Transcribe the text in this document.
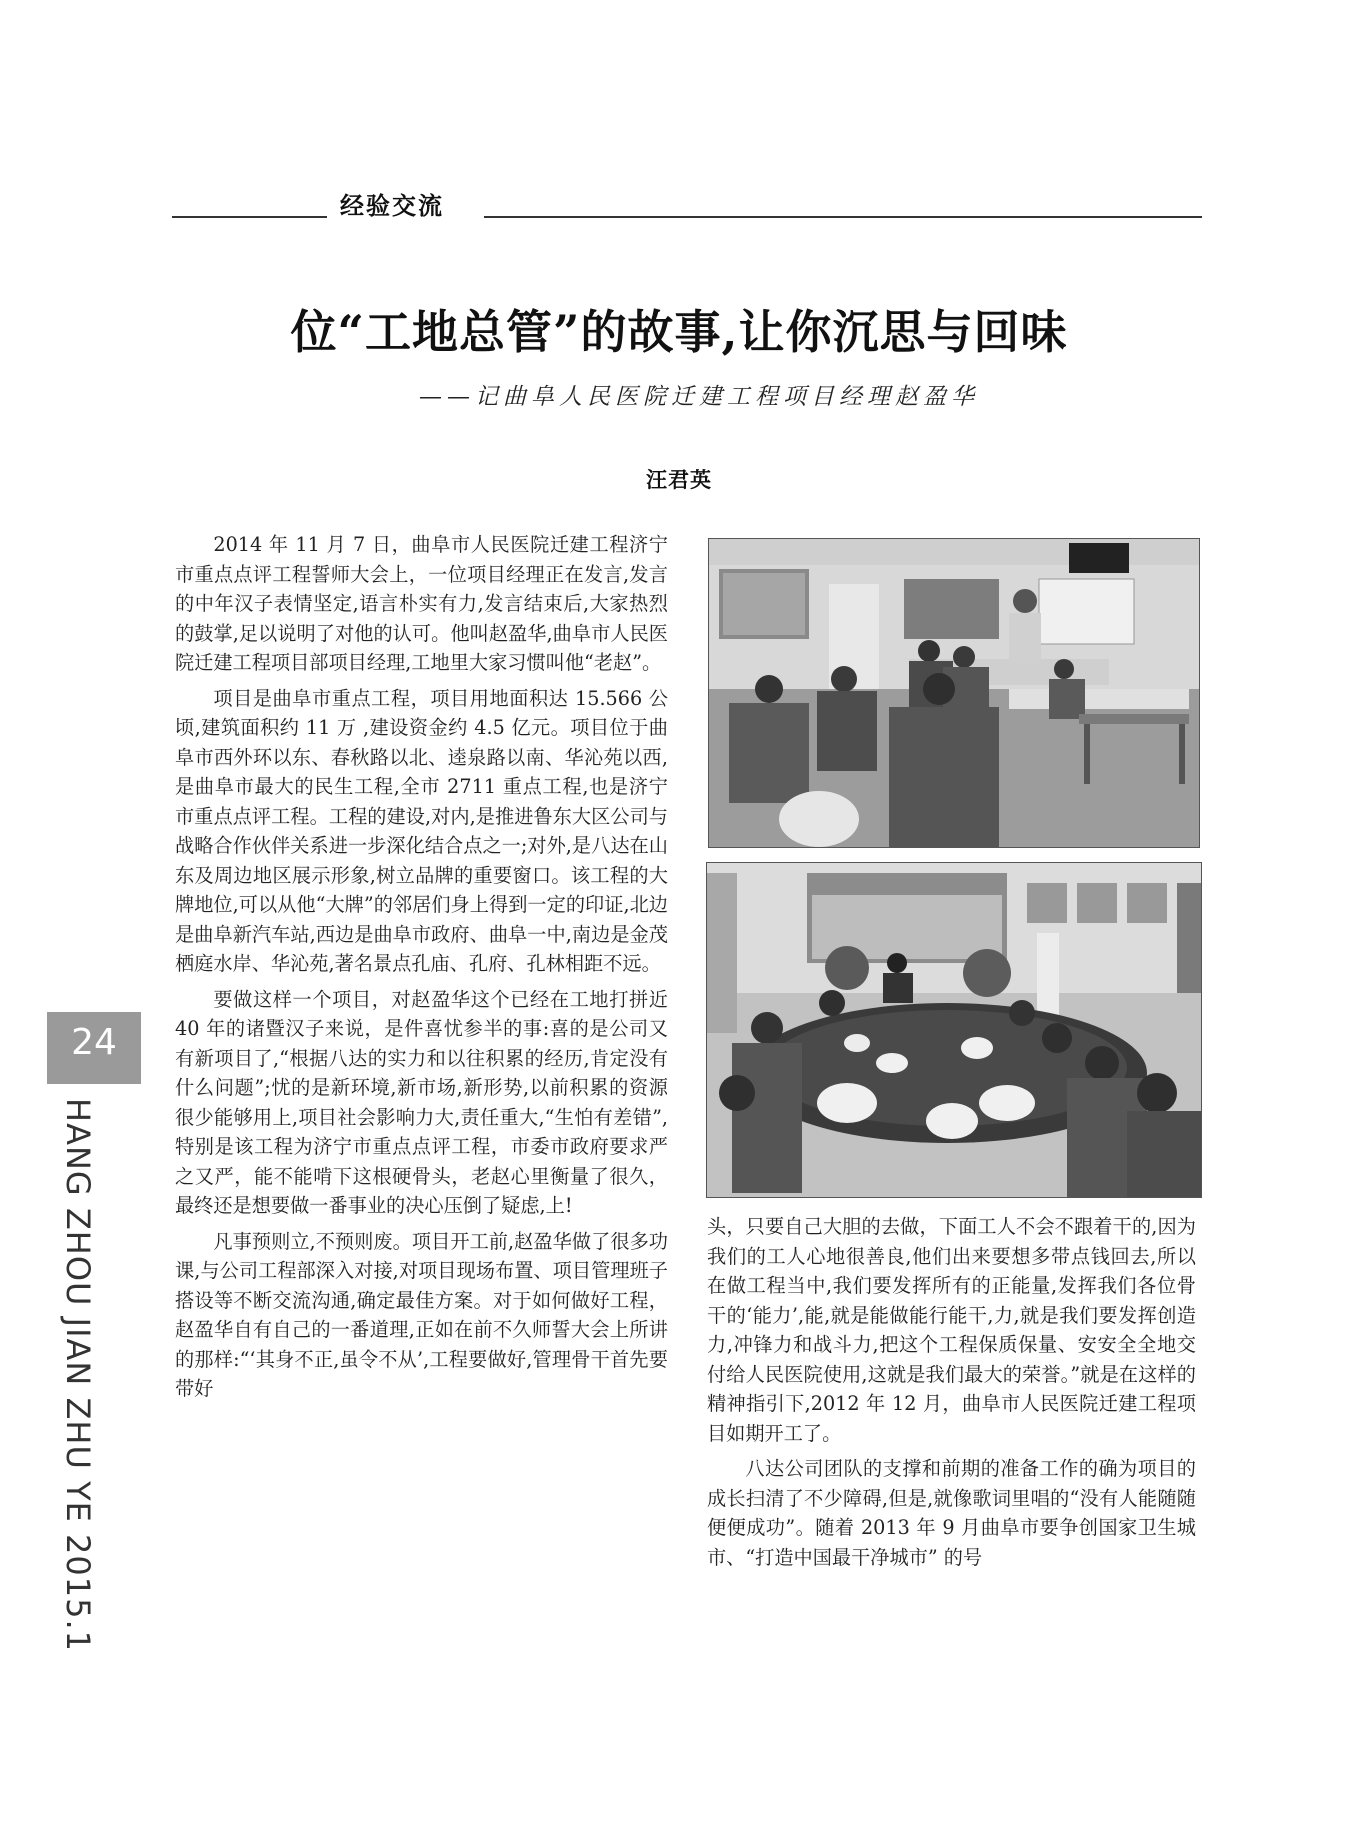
经验交流
位“工地总管”的故事,让你沉思与回味
——记曲阜人民医院迁建工程项目经理赵盈华
汪君英

2014 年 11 月 7 日，曲阜市人民医院迁建工程济宁市重点点评工程誓师大会上，一位项目经理正在发言,发言的中年汉子表情坚定,语言朴实有力,发言结束后,大家热烈的鼓掌,足以说明了对他的认可。他叫赵盈华,曲阜市人民医院迁建工程项目部项目经理,工地里大家习惯叫他“老赵”。

项目是曲阜市重点工程，项目用地面积达 15.566 公顷,建筑面积约 11 万 ,建设资金约 4.5 亿元。项目位于曲阜市西外环以东、春秋路以北、逵泉路以南、华沁苑以西,是曲阜市最大的民生工程,全市 2711 重点工程,也是济宁市重点点评工程。工程的建设,对内,是推进鲁东大区公司与战略合作伙伴关系进一步深化结合点之一;对外,是八达在山东及周边地区展示形象,树立品牌的重要窗口。该工程的大牌地位,可以从他“大牌”的邻居们身上得到一定的印证,北边是曲阜新汽车站,西边是曲阜市政府、曲阜一中,南边是金茂栖庭水岸、华沁苑,著名景点孔庙、孔府、孔林相距不远。

要做这样一个项目，对赵盈华这个已经在工地打拼近 40 年的诸暨汉子来说，是件喜忧参半的事:喜的是公司又有新项目了,“根据八达的实力和以往积累的经历,肯定没有什么问题”;忧的是新环境,新市场,新形势,以前积累的资源很少能够用上,项目社会影响力大,责任重大,“生怕有差错”,特别是该工程为济宁市重点点评工程，市委市政府要求严之又严，能不能啃下这根硬骨头，老赵心里衡量了很久，最终还是想要做一番事业的决心压倒了疑虑,上!

凡事预则立,不预则废。项目开工前,赵盈华做了很多功课,与公司工程部深入对接,对项目现场布置、项目管理班子搭设等不断交流沟通,确定最佳方案。对于如何做好工程，赵盈华自有自己的一番道理,正如在前不久师誓大会上所讲的那样:“‘其身不正,虽令不从’,工程要做好,管理骨干首先要带好

头，只要自己大胆的去做，下面工人不会不跟着干的,因为我们的工人心地很善良,他们出来要想多带点钱回去,所以在做工程当中,我们要发挥所有的正能量,发挥我们各位骨干的‘能力’,能,就是能做能行能干,力,就是我们要发挥创造力,冲锋力和战斗力,把这个工程保质保量、安安全全地交付给人民医院使用,这就是我们最大的荣誉。”就是在这样的精神指引下,2012 年 12 月，曲阜市人民医院迁建工程项目如期开工了。

八达公司团队的支撑和前期的准备工作的确为项目的成长扫清了不少障碍,但是,就像歌词里唱的“没有人能随随便便成功”。随着 2013 年 9 月曲阜市要争创国家卫生城市、“打造中国最干净城市” 的号

24
HANG ZHOU JIAN ZHU YE 2015.1
